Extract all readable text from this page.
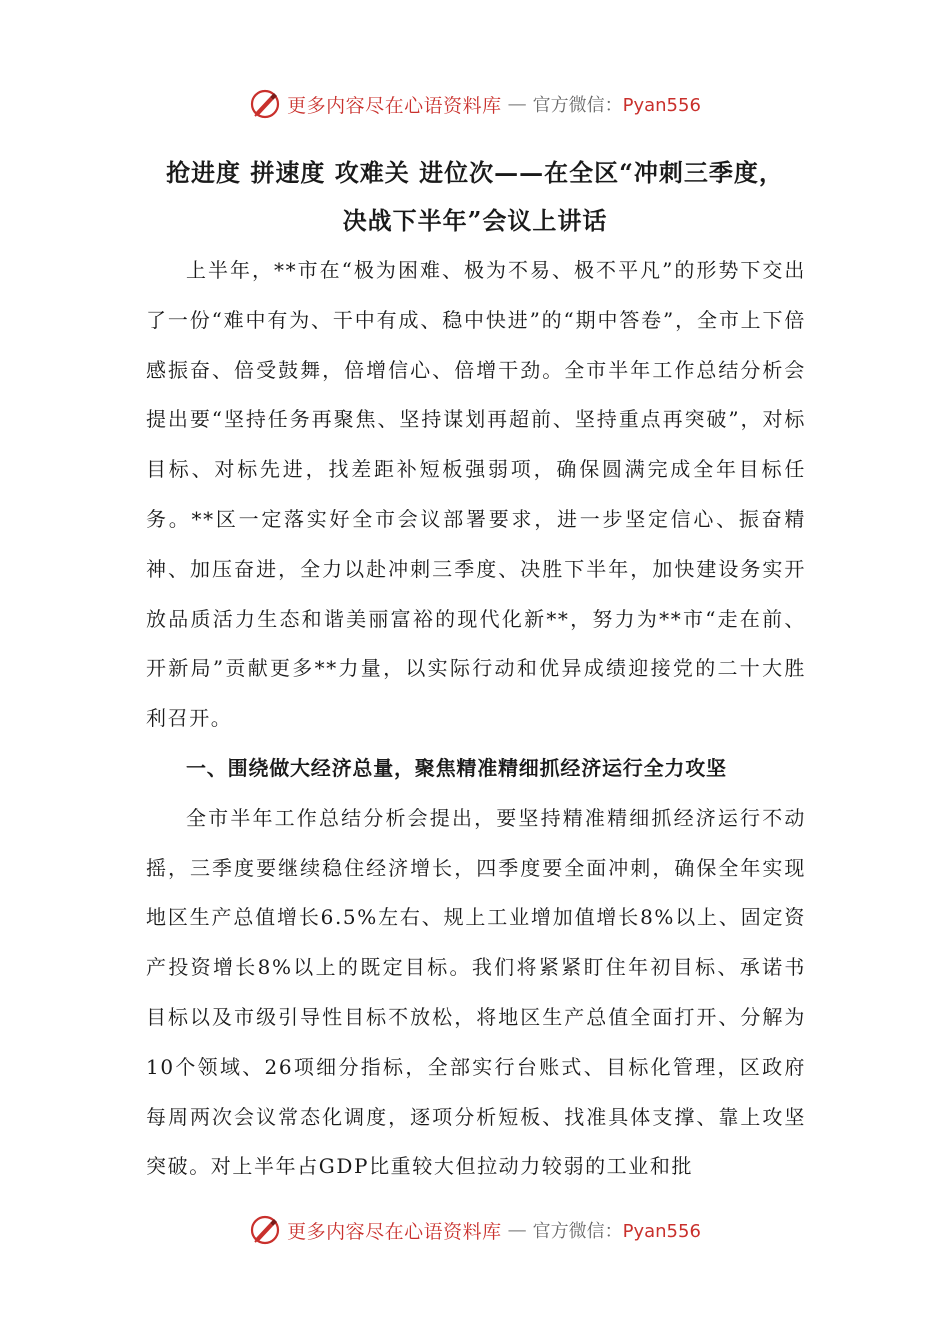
更多内容尽在心语资料库 — 官方微信：Pyan556
抢进度 拼速度 攻难关 进位次——在全区“冲刺三季度，
决战下半年”会议上讲话

上半年，**市在“极为困难、极为不易、极不平凡”的形势下交出了一份“难中有为、干中有成、稳中快进”的“期中答卷”，全市上下倍感振奋、倍受鼓舞，倍增信心、倍增干劲。全市半年工作总结分析会提出要“坚持任务再聚焦、坚持谋划再超前、坚持重点再突破”，对标目标、对标先进，找差距补短板强弱项，确保圆满完成全年目标任务。**区一定落实好全市会议部署要求，进一步坚定信心、振奋精神、加压奋进，全力以赴冲刺三季度、决胜下半年，加快建设务实开放品质活力生态和谐美丽富裕的现代化新**，努力为**市“走在前、开新局”贡献更多**力量，以实际行动和优异成绩迎接党的二十大胜利召开。

一、围绕做大经济总量，聚焦精准精细抓经济运行全力攻坚

全市半年工作总结分析会提出，要坚持精准精细抓经济运行不动摇，三季度要继续稳住经济增长，四季度要全面冲刺，确保全年实现地区生产总值增长6.5%左右、规上工业增加值增长8%以上、固定资产投资增长8%以上的既定目标。我们将紧紧盯住年初目标、承诺书目标以及市级引导性目标不放松，将地区生产总值全面打开、分解为10个领域、26项细分指标，全部实行台账式、目标化管理，区政府每周两次会议常态化调度，逐项分析短板、找准具体支撑、靠上攻坚突破。对上半年占GDP比重较大但拉动力较弱的工业和批

更多内容尽在心语资料库 — 官方微信：Pyan556
